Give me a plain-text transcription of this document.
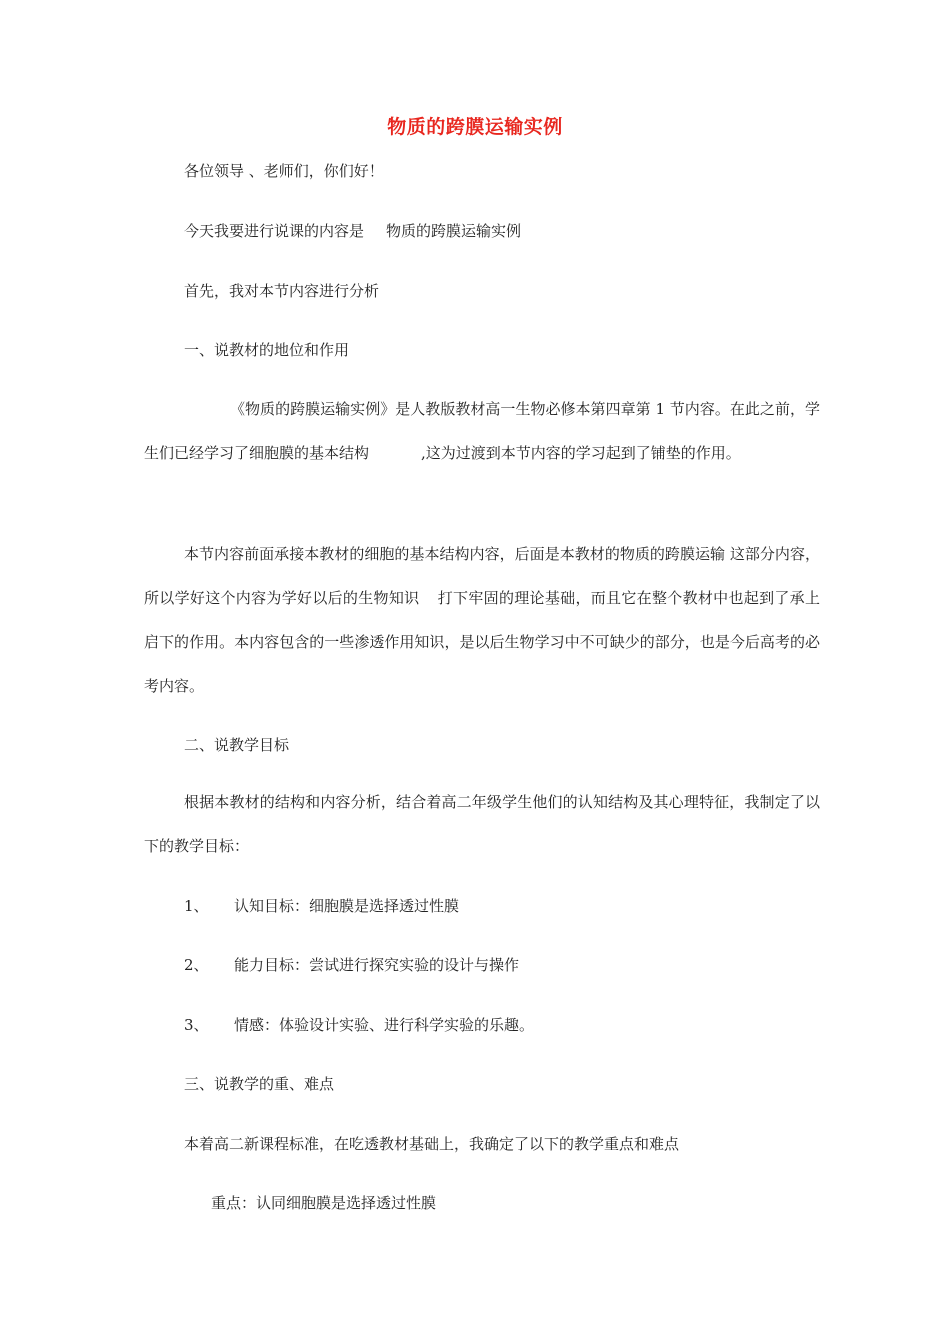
物质的跨膜运输实例
各位领导 、老师们，你们好！
今天我要进行说课的内容是 物质的跨膜运输实例
首先，我对本节内容进行分析
一、说教材的地位和作用
《物质的跨膜运输实例》是人教版教材高一生物必修本第四章第 1 节内容。在此之前，学生们已经学习了细胞膜的基本结构	,这为过渡到本节内容的学习起到了铺垫的作用。
本节内容前面承接本教材的细胞的基本结构内容，后面是本教材的物质的跨膜运输 这部分内容，所以学好这个内容为学好以后的生物知识 打下牢固的理论基础，而且它在整个教材中也起到了承上启下的作用。本内容包含的一些渗透作用知识，是以后生物学习中不可缺少的部分，也是今后高考的必考内容。
二、说教学目标
根据本教材的结构和内容分析，结合着高二年级学生他们的认知结构及其心理特征，我制定了以下的教学目标：
1、 认知目标：细胞膜是选择透过性膜
2、 能力目标：尝试进行探究实验的设计与操作
3、 情感：体验设计实验、进行科学实验的乐趣。
三、说教学的重、难点
本着高二新课程标准，在吃透教材基础上，我确定了以下的教学重点和难点
重点：认同细胞膜是选择透过性膜
